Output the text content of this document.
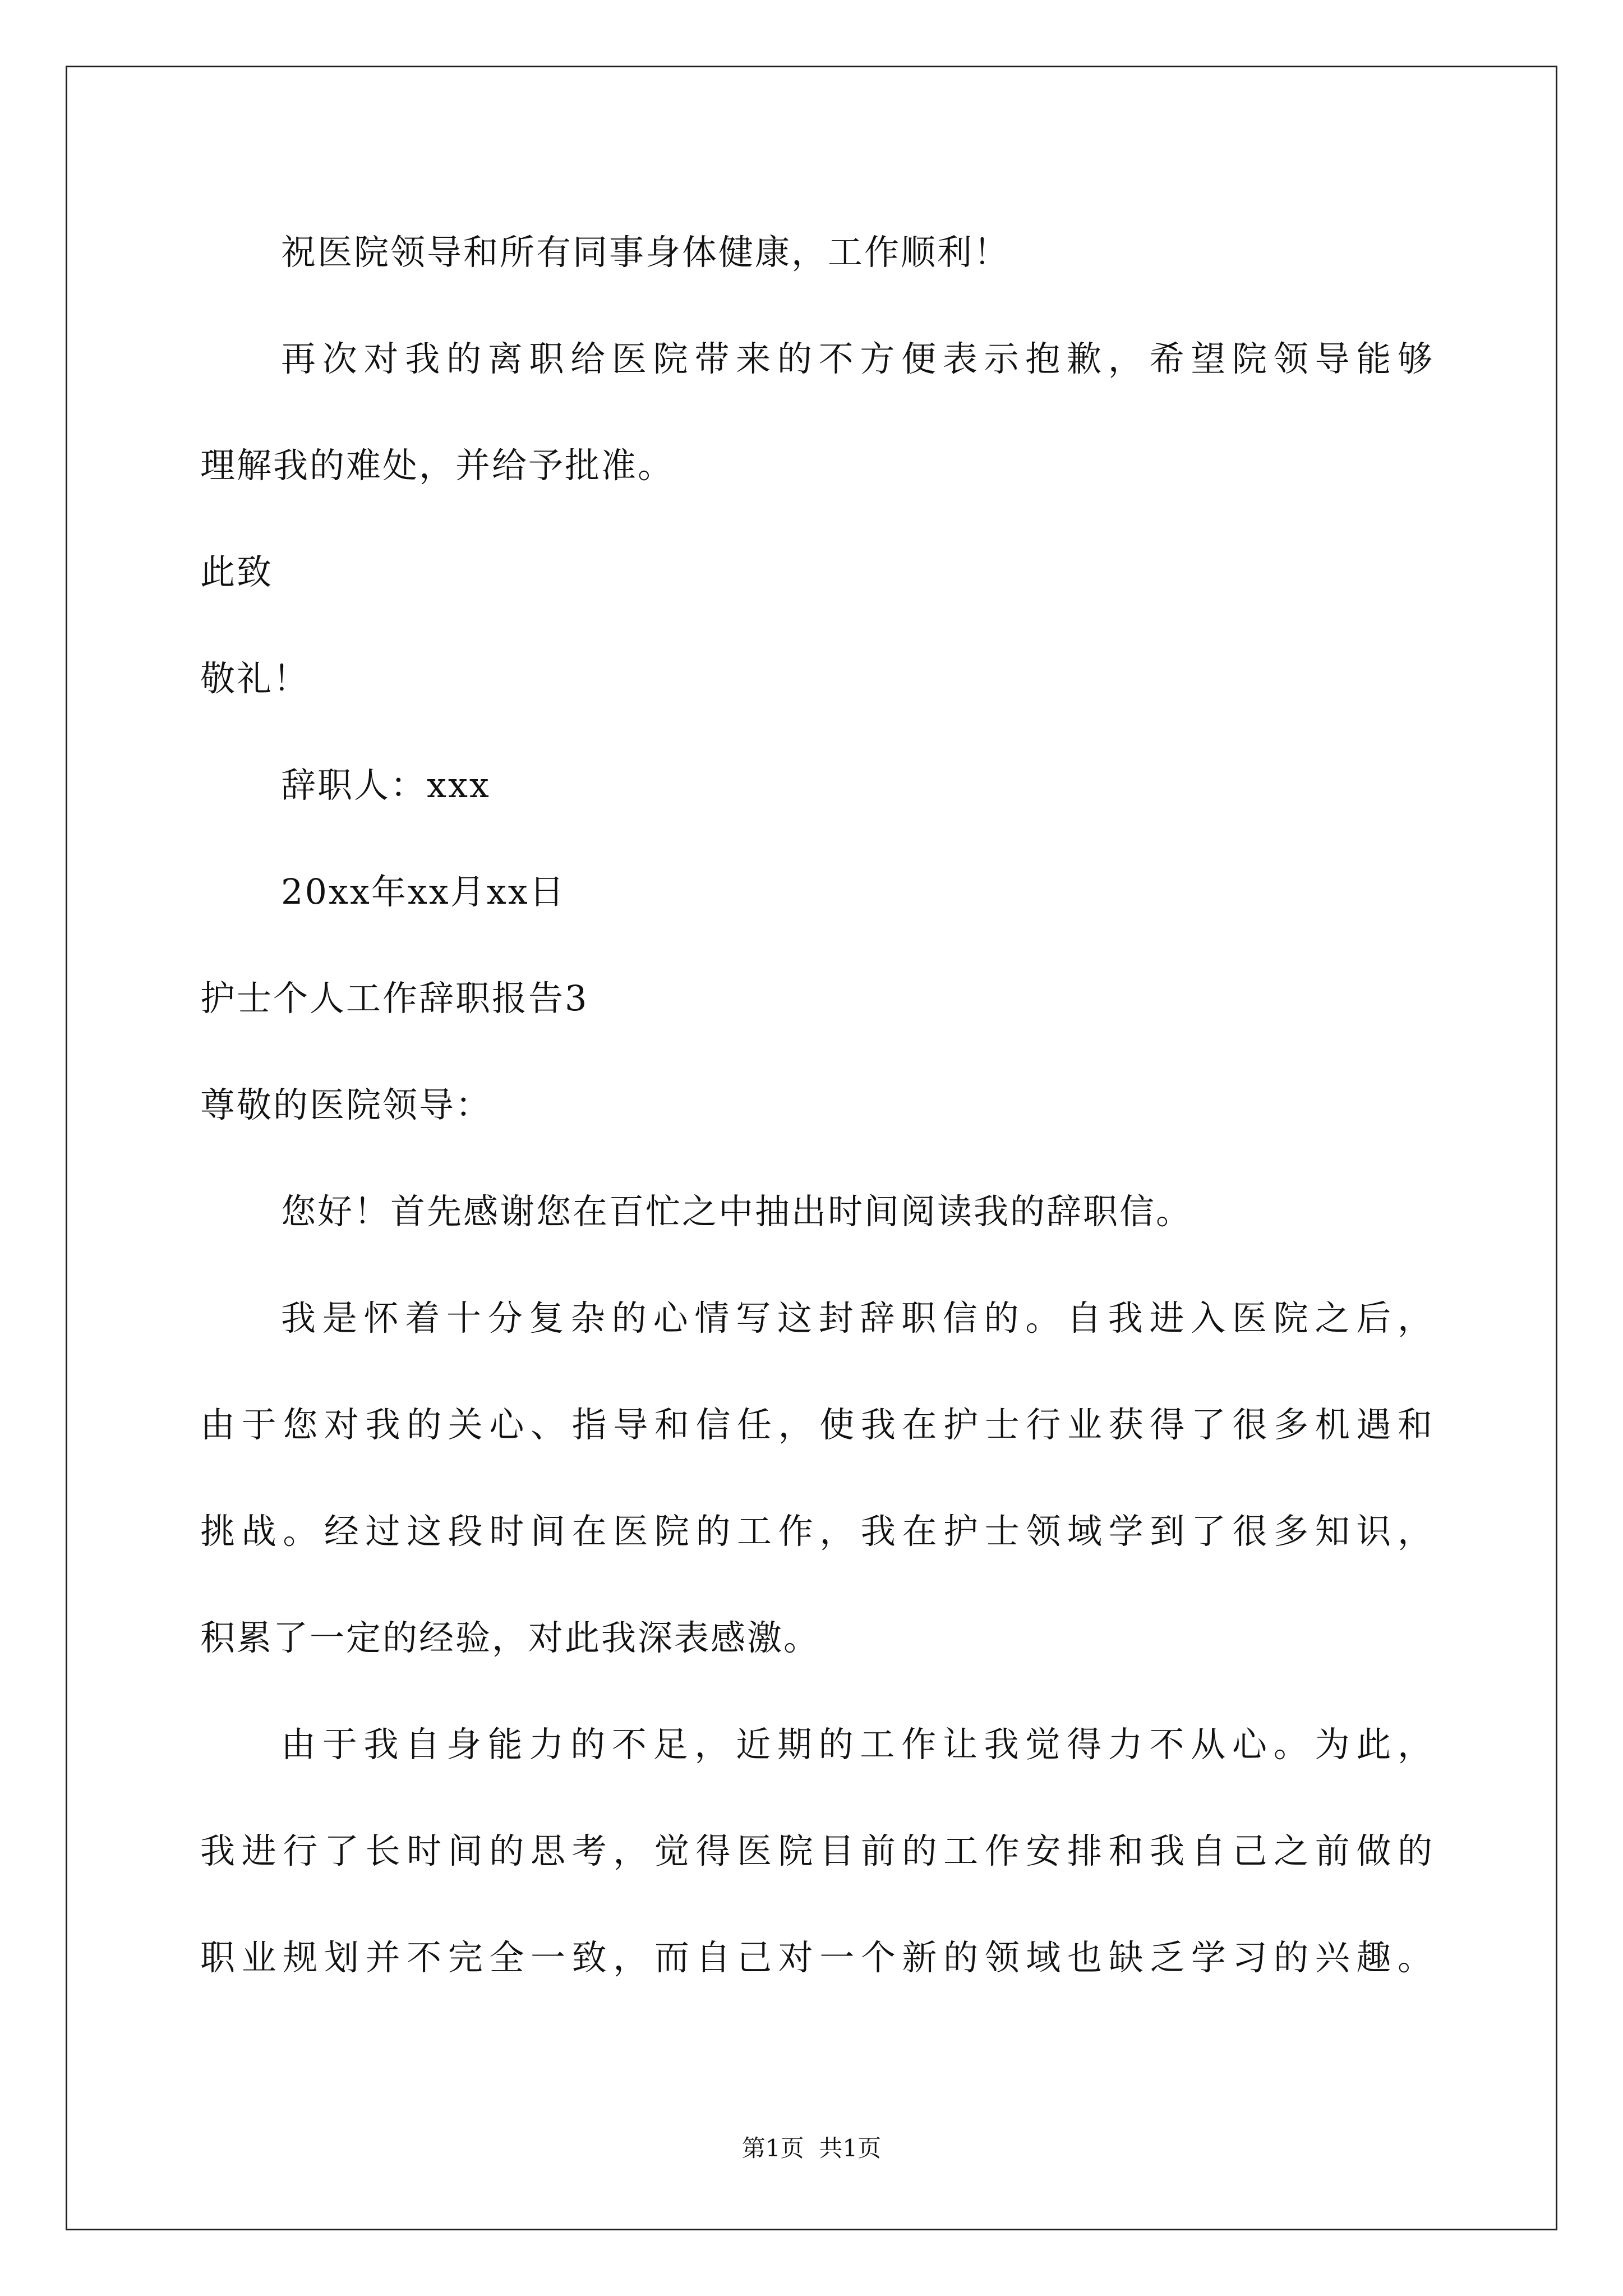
祝医院领导和所有同事身体健康，工作顺利！
再次对我的离职给医院带来的不方便表示抱歉，希望院领导能够
理解我的难处，并给予批准。
此致
敬礼！
辞职人：xxx
20xx年xx月xx日
护士个人工作辞职报告3
尊敬的医院领导：
您好！首先感谢您在百忙之中抽出时间阅读我的辞职信。
我是怀着十分复杂的心情写这封辞职信的。自我进入医院之后，
由于您对我的关心、指导和信任，使我在护士行业获得了很多机遇和
挑战。经过这段时间在医院的工作，我在护士领域学到了很多知识，
积累了一定的经验，对此我深表感激。
由于我自身能力的不足，近期的工作让我觉得力不从心。为此，
我进行了长时间的思考，觉得医院目前的工作安排和我自己之前做的
职业规划并不完全一致，而自己对一个新的领域也缺乏学习的兴趣。
第1页  共1页
